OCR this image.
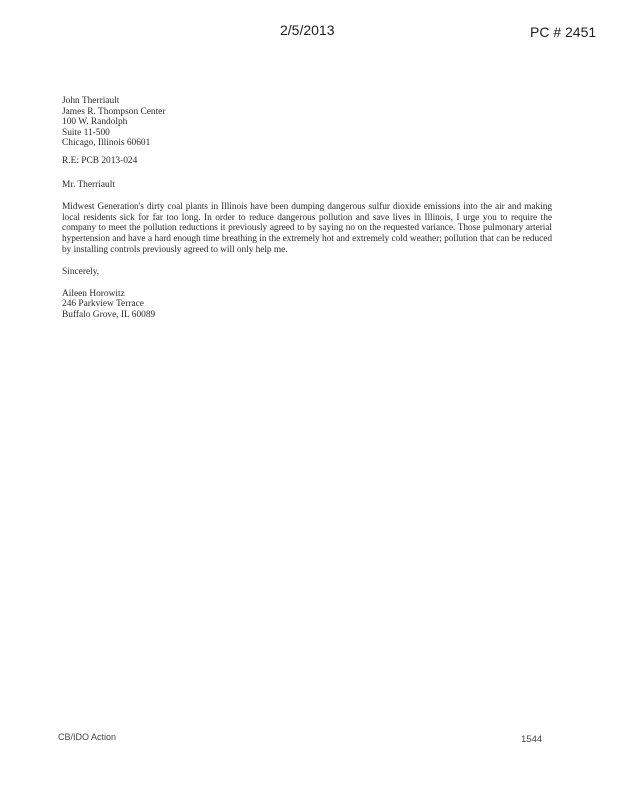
2/5/2013	PC # 2451
John Therriault
James R. Thompson Center
100 W. Randolph
Suite 11-500
Chicago, Illinois 60601
R.E: PCB 2013-024
Mr. Therriault
Midwest Generation's dirty coal plants in Illinois have been dumping dangerous sulfur dioxide emissions into the air and making local residents sick for far too long. In order to reduce dangerous pollution and save lives in Illinois, I urge you to require the company to meet the pollution reductions it previously agreed to by saying no on the requested variance. Those pulmonary arterial hypertension and have a hard enough time breathing in the extremely hot and extremely cold weather; pollution that can be reduced by installing controls previously agreed to will only help me.
Sincerely,
Aileen Horowitz
246 Parkview Terrace
Buffalo Grove, IL 60089
CB/IDO Action	1544
